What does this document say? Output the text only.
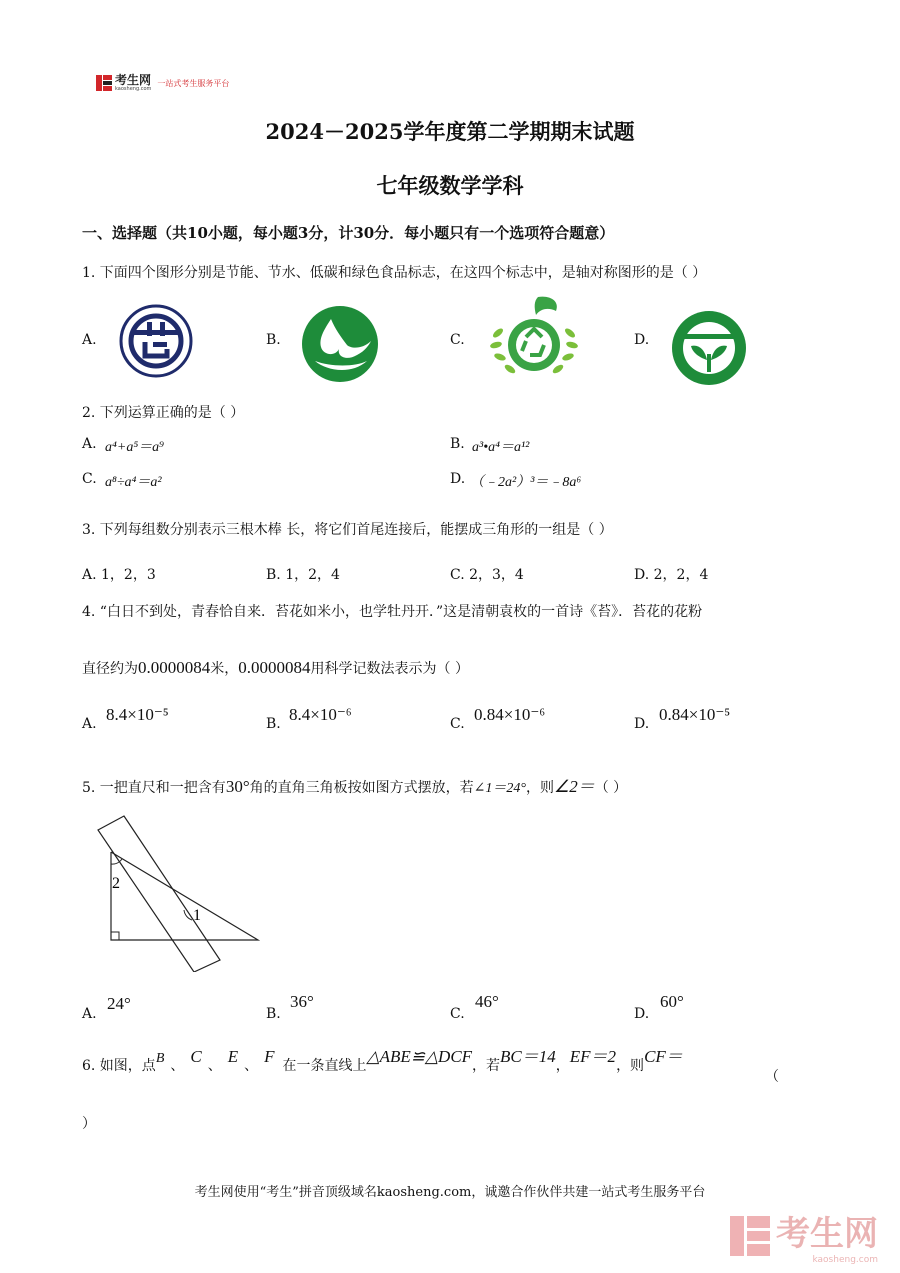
考生网
kaosheng.com
一站式考生服务平台
2024－2025学年度第二学期期末试题
七年级数学学科
一、选择题（共10小题，每小题3分，计30分．每小题只有一个选项符合题意）
1. 下面四个图形分别是节能、节水、低碳和绿色食品标志，在这四个标志中，是轴对称图形的是（ ）
A.	B.	C.	D.
2. 下列运算正确的是（ ）
A. a⁴+a⁵＝a⁹	B. a³•a⁴＝a¹²
C. a⁸÷a⁴＝a²	D. （﹣2a²）³＝﹣8a⁶
3. 下列每组数分别表示三根木棒 长，将它们首尾连接后，能摆成三角形的一组是（ ）
A. 1，2，3	B. 1，2，4	C. 2，3，4	D. 2，2，4
4. “白日不到处，青春恰自来．苔花如米小，也学牡丹开．”这是清朝袁枚的一首诗《苔》．苔花的花粉
直径约为 0.0000084 米， 0.0000084 用科学记数法表示为（ ）
A. 8.4×10⁻⁵	B. 8.4×10⁻⁶	C. 0.84×10⁻⁶	D. 0.84×10⁻⁵
5. 一把直尺和一把含有 30° 角的直角三角板按如图方式摆放，若 ∠1＝24° ，则 ∠2＝ （ ）
2
1
A.
24°
B.
36°
C.
46°
D.
60°
6. 如图，点 B 、 C 、 E 、 F 在一条直线上 △ABE≌△DCF ，若 BC＝14 ， EF＝2 ，则 CF＝
（
）
考生网使用“考生”拼音顶级域名kaosheng.com，诚邀合作伙伴共建一站式考生服务平台
考生网
kaosheng.com
